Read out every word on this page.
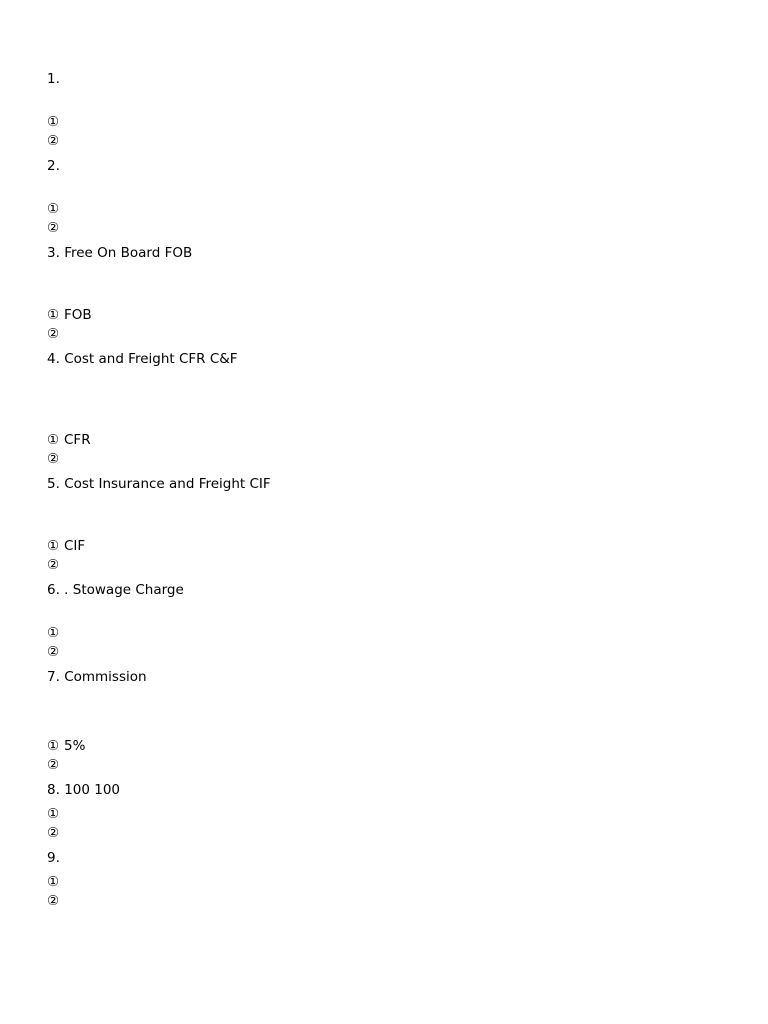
1.
①
②
2.
①
②
3. Free On Board FOB
① FOB
②
4. Cost and Freight CFR C&F
① CFR
②
5. Cost Insurance and Freight CIF
① CIF
②
6. . Stowage Charge
①
②
7. Commission
① 5%
②
8. 100 100
①
②
9.
①
②
